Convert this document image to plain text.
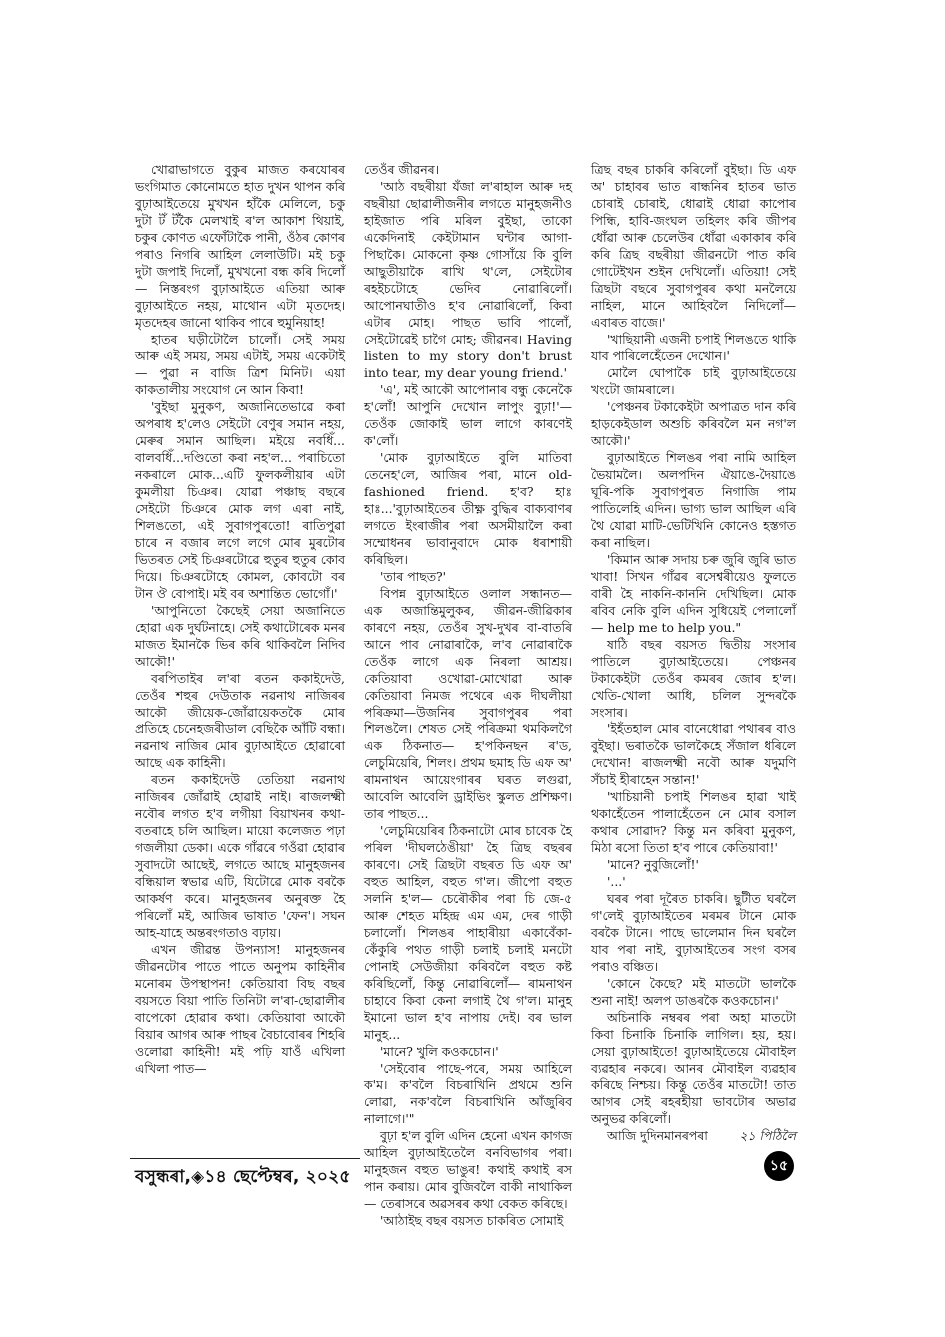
খোৱাভাগতে বুকুৰ মাজত কৰযোৰৰ ভংগিমাত কোনোমতে হাত দুখন থাপন কৰি বুঢ়াআইতেয়ে মুখখন হাঁকৈ মেলিলে, চকু দুটা টঁ টঁকৈ মেলখাই ৰ'ল আকাশ থিয়াই, চকুৰ কোণত এফোঁটাকৈ পানী, ওঁঠৰ কোণৰ পৰাও নিগৰি আহিল লেলাউটি। মই চকু দুটা জপাই দিলোঁ, মুখখনো বন্ধ কৰি দিলোঁ— নিস্তৰংগ বুঢ়াআইতে এতিয়া আৰু বুঢ়াআইতে নহয়, মাথোন এটা মৃতদেহ। মৃতদেহৰ জানো থাকিব পাৰে হুমুনিয়াহ!

হাতৰ ঘড়ীটোলৈ চালোঁ। সেই সময় আৰু এই সময়, সময় এটাই, সময় একেটাই— পুৱা ন বাজি ত্ৰিশ মিনিট। এয়া কাকতালীয় সংযোগ নে আন কিবা!

'বুইছা মুনুকণ, অজানিতেভাৱে কৰা অপৰাধ হ'লেও সেইটো বেণুৰ সমান নহয়, মেৰুৰ সমান আছিল। মইয়ে নবধিঁ... বালবধিঁ...দণ্ডিতো কৰা নহ'ল... পৰাচিতো নকৰালে মোক...এটি ফুলকলীয়াৰ এটা কুমলীয়া চিঞৰ। যোৱা পঞ্চাছ বছৰে সেইটো চিঞৰে মোক লগ এৰা নাই, শিলঙতো, এই সুবাগপুৰতো! ৰাতিপুৱা চাৰে ন বজাৰ লগে লগে মোৰ মুৰটোৰ ভিতৰত সেই চিঞৰটোৱে হুতুৰ হুতুৰ কোব দিয়ে। চিঞৰটোহে কোমল, কোবটো বৰ টান ঔ বোপাই। মই বৰ অশান্তিত ভোগোঁ।'

'আপুনিতো কৈছেই সেয়া অজানিতে হোৱা এক দুৰ্ঘটনাহে। সেই কথাটোৰেক মনৰ মাজত ইমানকৈ ভিৰ কৰি থাকিবলৈ নিদিব আকৌ!'

বৰপিতাইৰ ল'ৰা ৰতন ককাইদেউ, তেওঁৰ শহুৰ দেউতাক নৱনাথ নাজিৰৰ আকৌ জীয়েক-জোঁৱায়েকতকৈ মোৰ প্ৰতিহে চেনেহজৰীডাল বেছিকৈ আঁটি বন্ধা। নৱনাথ নাজিৰ মোৰ বুঢ়াআইতে হোৱাৰো আছে এক কাহিনী।

ৰতন ককাইদেউ তেতিয়া নৱনাথ নাজিৰৰ জোঁৱাই হোৱাই নাই। ৰাজলক্ষ্মী নবৌৰ লগত হ'ব লগীয়া বিয়াখনৰ কথা-বতৰাহে চলি আছিল। মায়ো কলেজত পঢ়া গজলীয়া ডেকা। একে গাঁৱৰে গওঁৱা হোৱাৰ সুবাদটো আছেই, লগতে আছে মানুহজনৰ বন্ধিয়াল স্বভাৱ এটি, যিটোৱে মোক বৰকৈ আকৰ্ষণ কৰে। মানুহজনৰ অনুৰক্ত হৈ পৰিলোঁ মই, আজিৰ ভাষাত 'ফেন'। সঘন আহ-যাহে অন্তৰংগতাও বঢ়ায়।

এখন জীৱন্ত উপন্যাস! মানুহজনৰ জীৱনটোৰ পাতে পাতে অনুপম কাহিনীৰ মনোৰম উপস্থাপন! কেতিয়াবা বিছ বছৰ বয়সতে বিয়া পাতি তিনিটা ল'ৰা-ছোৱালীৰ বাপেকো হোৱাৰ কথা। কেতিয়াবা আকৌ বিয়াৰ আগৰ আৰু পাছৰ বৈচাবোৰৰ শিহৰি ওলোৱা কাহিনী! মই পঢ়ি যাওঁ এখিলা এখিলা পাত—

তেওঁৰ জীৱনৰ।

'আঠ বছৰীয়া যঁজা ল'ৰাহাল আৰু দহ বছৰীয়া ছোৱালীজনীৰ লগতে মানুহজনীও হাইজাত পৰি মৰিল বুইছা, তাকো একেদিনাই কেইটামান ঘন্টাৰ আগা-পিছাকৈ। মোকনো কৃষ্ণ গোসাঁয়ে কি বুলি আছুতীয়াকৈ ৰাখি থ'লে, সেইটোৰ ৰহইচটোহে ভেদিব নোৱাৰিলোঁ। আপোনঘাতীও হ'ব নোৱাৰিলোঁ, কিবা এটাৰ মোহ। পাছত ভাবি পালোঁ, সেইটোৱেই চাগৈ মোহ; জীৱনৰ। Having listen to my story don't brust into tear, my dear young friend.'

'এ', মই আকৌ আপোনাৰ বন্ধু কেনেকৈ হ'লোঁ! আপুনি দেখোন লাপুং বুঢ়া!'— তেওঁক জোকাই ভাল লাগে কাৰণেই ক'লোঁ।

'মোক বুঢ়াআইতে বুলি মাতিবা তেনেহ'লে, আজিৰ পৰা, মানে old-fashioned friend. হ'ব? হাঃ হাঃ...'বুঢ়াআইতেৰ তীক্ষ্ণ বুদ্ধিৰ বাক্যবাণৰ লগতে ইংৰাজীৰ পৰা অসমীয়ালৈ কৰা সম্মোধনৰ ভাবানুবাদে মোক ধৰাশায়ী কৰিছিল।

'তাৰ পাছত?'

বিপন্ন বুঢ়াআইতে ওলাল সন্ধানত— এক অজান্তিমুলুকৰ, জীৱন-জীৱিকাৰ কাৰণে নহয়, তেওঁৰ সুখ-দুখৰ বা-বাতৰি আনে পাব নোৱাৰাকৈ, ল'ব নোৱাৰাকৈ তেওঁক লাগে এক নিৰলা আশ্ৰয়। কেতিয়াবা ওখোৱা-মোখোৱা আৰু কেতিয়াবা নিমজ পথেৰে এক দীঘলীয়া পৰিক্ৰমা—উজনিৰ সুবাগপুৰৰ পৰা শিলঙলৈ। শেষত সেই পৰিক্ৰমা থমকিলগৈ এক ঠিকনাত— হ'পকিনছন ৰ'ড, লেচুমিয়েৰি, শিলং। প্ৰথম ছমাহ ডি এফ অ' ৰামনাথন আয়েংগাৰৰ ঘৰত লগুৱা, আবেলি আবেলি ড্ৰাইভিং স্কুলত প্ৰশিক্ষণ। তাৰ পাছত...

'লেচুমিয়েৰিৰ ঠিকনাটো মোৰ চাবেক হৈ পৰিল 'দীঘলঠেঙীয়া' হৈ ত্ৰিছ বছৰৰ কাৰণে। সেই ত্ৰিছটা বছৰত ডি এফ অ' বহুত আহিল, বহুত গ'ল। জীপো বহুত সলনি হ'ল— চেৰৌকীৰ পৰা চি জে-৫ আৰু শেহত মহিন্দ্ৰ এম এম, দেৰ গাড়ী চলালোঁ। শিলঙৰ পাহাৰীয়া একাবেঁকা-কেঁকুৰি পথত গাড়ী চলাই চলাই মনটো পোনাই সেউজীয়া কৰিবলৈ বহুত কষ্ট কৰিছিলোঁ, কিন্তু নোৱাৰিলোঁ— ৰামনাথন চাহাবে কিবা কেনা লগাই থৈ গ'ল। মানুহ ইমানো ভাল হ'ব নাপায় দেই। বৰ ভাল মানুহ...

'মানে? খুলি কওকচোন।'

'সেইবোৰ পাছে-পৰে, সময় আহিলে ক'ম। ক'বলৈ বিচৰাখিনি প্ৰথমে শুনি লোৱা, নক'বলৈ বিচৰাখিনি আঁজুৰিব নালাগে।'"

বুঢ়া হ'ল বুলি এদিন হেনো এখন কাগজ আহিল বুঢ়াআইতেলৈ বনবিভাগৰ পৰা। মানুহজন বহুত ভাঙুৰ! কথাই কথাই ৰস পান কৰায়। মোৰ বুজিবলৈ বাকী নাথাকিল— তেৰাসৰে অৱসৰৰ কথা বেকত কৰিছে।

'আঠাইছ বছৰ বয়সত চাকৰিত সোমাই

ত্ৰিছ বছৰ চাকৰি কৰিলোঁ বুইছা। ডি এফ অ' চাহাবৰ ভাত ৰান্ধনিৰ হাতৰ ভাত চোৰাই চোৰাই, ধোৱাই ধোৱা কাপোৰ পিন্ধি, হাবি-জংঘল তহিলং কৰি জীপৰ ধোঁৱা আৰু চেলেউৰ ধোঁৱা একাকাৰ কৰি কৰি ত্ৰিছ বছৰীয়া জীৱনটো পাত কৰি গোটেইখন শুইন দেখিলোঁ। এতিয়া! সেই ত্ৰিছটা বছৰে সুবাগপুৰৰ কথা মনলৈয়ে নাহিল, মানে আহিবলৈ নিদিলোঁ— এবাৰত বাজে।'

'খাছিয়ানী এজনী চপাই শিলঙতে থাকি যাব পাৰিলেহেঁতেন দেখোন।'

মোলৈ ঘোপাকৈ চাই বুঢ়াআইতেয়ে খংটো জামৰালে।

'পেঞ্চনৰ টকাকেইটা অপাত্ৰত দান কৰি হাড়কেইডাল অশুচি কৰিবলৈ মন নগ'ল আকৌ।'

বুঢ়াআইতে শিলঙৰ পৰা নামি আহিল ভৈয়ামলৈ। অলপদিন ঐয়াঙে-দৈয়াঙে ঘূৰি-পকি সুবাগপুৰত নিগাজি পাম পাতিলেহি এদিন। ভাগ্য ভাল আছিল এৰি থৈ যোৱা মাটি-ভেটিখিনি কোনেও হস্তগত কৰা নাছিল।

'কিমান আৰু সদায় চৰু জুৰি জুৰি ভাত খাবা! সিখন গাঁৱৰ ৰসেশ্বৰীয়েও ফুলতে বাৰী হৈ নাকনি-কাননি দেখিছিল। মোক ৰবিব নেকি বুলি এদিন সুধিয়েই পেলালোঁ— help me to help you."

ষাঠি বছৰ বয়সত দ্বিতীয় সংসাৰ পাতিলে বুঢ়াআইতেয়ে। পেঞ্চনৰ টকাকেইটা তেওঁৰ কমৰৰ জোৰ হ'ল। খেতি-খোলা আধি, চলিল সুন্দৰকৈ সংসাৰ।

'ইহঁতহাল মোৰ বানেধোৱা পথাৰৰ বাও বুইছা। ভৰাতকৈ ভালকৈহে সঁজাল ধৰিলে দেখোন! ৰাজলক্ষ্মী নবৌ আৰু যদুমণি সঁচাই হীৰাহেন সন্তান!'

'খাচিয়ানী চপাই শিলঙৰ হাৱা খাই থকাহেঁতেন পালাহেঁতেন নে মোৰ বসাল কথাৰ সোৱাদ? কিন্তু মন কৰিবা মুনুকণ, মিঠা ৰসো তিতা হ'ব পাৰে কেতিয়াবা!'

'মানে? নুবুজিলোঁ!'

'...'

ঘৰৰ পৰা দূৰৈত চাকৰি। ছুটীত ঘৰলৈ গ'লেই বুঢ়াআইতেৰ মৰমৰ টানে মোক বৰকৈ টানে। পাছে ভালেমান দিন ঘৰলৈ যাব পৰা নাই, বুঢ়াআইতেৰ সংগ বসৰ পৰাও বঞ্চিত।

'কোনে কৈছে? মই মাতটো ভালকৈ শুনা নাই! অলপ ডাঙৰকৈ কওকচোন।'

অচিনাকি নম্বৰৰ পৰা অহা মাতটো কিবা চিনাকি চিনাকি লাগিল। হয়, হয়। সেয়া বুঢ়াআইতে! বুঢ়াআইতেয়ে মৌবাইল ব্যৱহাৰ নকৰে। আনৰ মৌবাইল ব্যৱহাৰ কৰিছে নিশ্চয়। কিন্তু তেওঁৰ মাতটো! তাত আগৰ সেই ৰহৰহীয়া ভাবটোৰ অভাৱ অনুভৱ কৰিলোঁ।

আজি দুদিনমানৰপৰা	২১ পিঠিলৈ
বসুন্ধৰা,◈১৪ ছেপ্টেম্বৰ, ২০২৫
১৫
